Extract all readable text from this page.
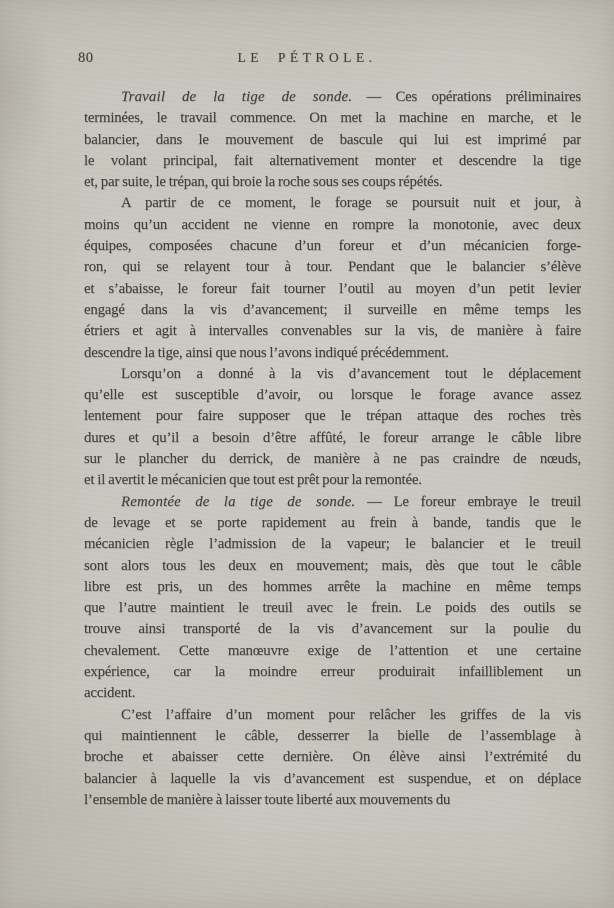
80	LE PÉTROLE.
Travail de la tige de sonde. — Ces opérations préliminaires
terminées, le travail commence. On met la machine en marche, et le
balancier, dans le mouvement de bascule qui lui est imprimé par
le volant principal, fait alternativement monter et descendre la tige
et, par suite, le trépan, qui broie la roche sous ses coups répétés.
A partir de ce moment, le forage se poursuit nuit et jour, à
moins qu’un accident ne vienne en rompre la monotonie, avec deux
équipes, composées chacune d’un foreur et d’un mécanicien forge-
ron, qui se relayent tour à tour. Pendant que le balancier s’élève
et s’abaisse, le foreur fait tourner l’outil au moyen d’un petit levier
engagé dans la vis d’avancement; il surveille en même temps les
étriers et agit à intervalles convenables sur la vis, de manière à faire
descendre la tige, ainsi que nous l’avons indiqué précédemment.
Lorsqu’on a donné à la vis d’avancement tout le déplacement
qu’elle est susceptible d’avoir, ou lorsque le forage avance assez
lentement pour faire supposer que le trépan attaque des roches très
dures et qu’il a besoin d’être affûté, le foreur arrange le câble libre
sur le plancher du derrick, de manière à ne pas craindre de nœuds,
et il avertit le mécanicien que tout est prêt pour la remontée.
Remontée de la tige de sonde. — Le foreur embraye le treuil
de levage et se porte rapidement au frein à bande, tandis que le
mécanicien règle l’admission de la vapeur; le balancier et le treuil
sont alors tous les deux en mouvement; mais, dès que tout le câble
libre est pris, un des hommes arrête la machine en même temps
que l’autre maintient le treuil avec le frein. Le poids des outils se
trouve ainsi transporté de la vis d’avancement sur la poulie du
chevalement. Cette manœuvre exige de l’attention et une certaine
expérience, car la moindre erreur produirait infailliblement un
accident.
C’est l’affaire d’un moment pour relâcher les griffes de la vis
qui maintiennent le câble, desserrer la bielle de l’assemblage à
broche et abaisser cette dernière. On élève ainsi l’extrémité du
balancier à laquelle la vis d’avancement est suspendue, et on déplace
l’ensemble de manière à laisser toute liberté aux mouvements du
